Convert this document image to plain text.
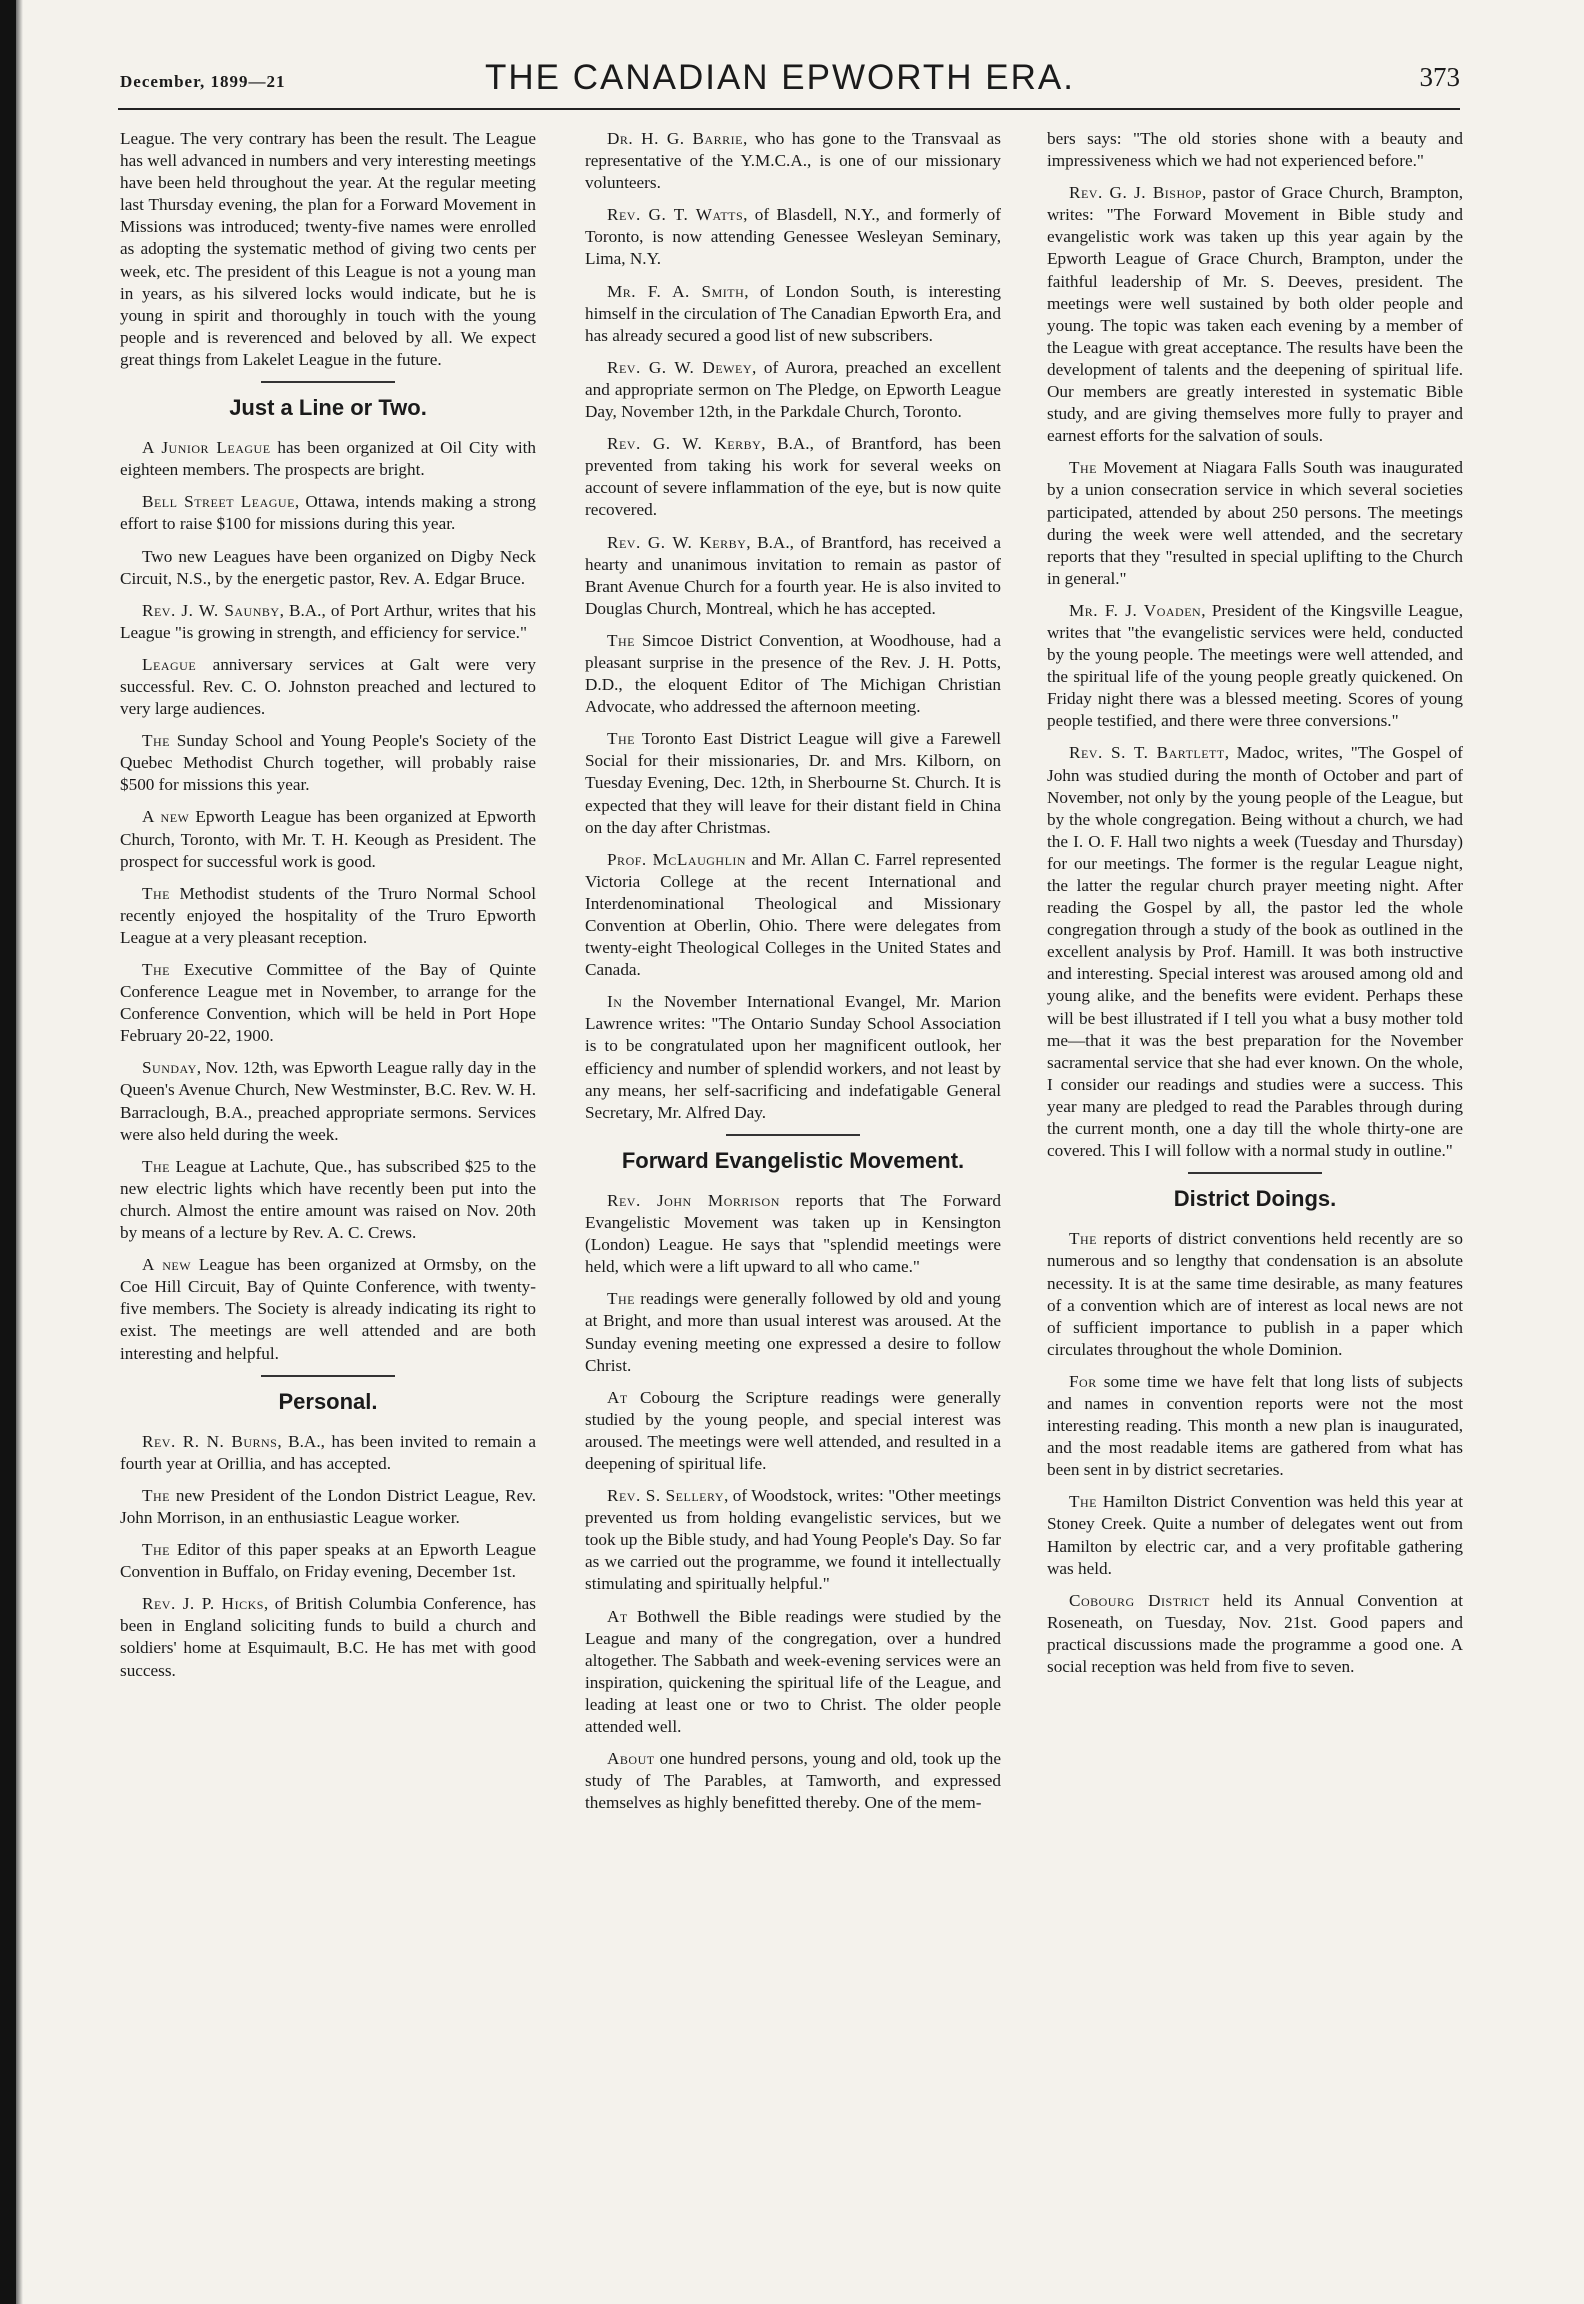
December, 1899—21	THE CANADIAN EPWORTH ERA.	373

League. The very contrary has been the result. The League has well advanced in numbers and very interesting meetings have been held throughout the year. At the regular meeting last Thursday evening, the plan for a Forward Movement in Missions was introduced; twenty-five names were enrolled as adopting the systematic method of giving two cents per week, etc. The president of this League is not a young man in years, as his silvered locks would indicate, but he is young in spirit and thoroughly in touch with the young people and is reverenced and beloved by all. We expect great things from Lakelet League in the future.

Just a Line or Two.

A Junior League has been organized at Oil City with eighteen members. The prospects are bright.

Bell Street League, Ottawa, intends making a strong effort to raise $100 for missions during this year.

Two new Leagues have been organized on Digby Neck Circuit, N.S., by the energetic pastor, Rev. A. Edgar Bruce.

Rev. J. W. Saunby, B.A., of Port Arthur, writes that his League "is growing in strength, and efficiency for service."

League anniversary services at Galt were very successful. Rev. C. O. Johnston preached and lectured to very large audiences.

The Sunday School and Young People's Society of the Quebec Methodist Church together, will probably raise $500 for missions this year.

A new Epworth League has been organized at Epworth Church, Toronto, with Mr. T. H. Keough as President. The prospect for successful work is good.

The Methodist students of the Truro Normal School recently enjoyed the hospitality of the Truro Epworth League at a very pleasant reception.

The Executive Committee of the Bay of Quinte Conference League met in November, to arrange for the Conference Convention, which will be held in Port Hope February 20-22, 1900.

Sunday, Nov. 12th, was Epworth League rally day in the Queen's Avenue Church, New Westminster, B.C. Rev. W. H. Barraclough, B.A., preached appropriate sermons. Services were also held during the week.

The League at Lachute, Que., has subscribed $25 to the new electric lights which have recently been put into the church. Almost the entire amount was raised on Nov. 20th by means of a lecture by Rev. A. C. Crews.

A new League has been organized at Ormsby, on the Coe Hill Circuit, Bay of Quinte Conference, with twenty-five members. The Society is already indicating its right to exist. The meetings are well attended and are both interesting and helpful.

Personal.

Rev. R. N. Burns, B.A., has been invited to remain a fourth year at Orillia, and has accepted.

The new President of the London District League, Rev. John Morrison, in an enthusiastic League worker.

The Editor of this paper speaks at an Epworth League Convention in Buffalo, on Friday evening, December 1st.

Rev. J. P. Hicks, of British Columbia Conference, has been in England soliciting funds to build a church and soldiers' home at Esquimault, B.C. He has met with good success.

Dr. H. G. Barrie, who has gone to the Transvaal as representative of the Y.M.C.A., is one of our missionary volunteers.

Rev. G. T. Watts, of Blasdell, N.Y., and formerly of Toronto, is now attending Genessee Wesleyan Seminary, Lima, N.Y.

Mr. F. A. Smith, of London South, is interesting himself in the circulation of The Canadian Epworth Era, and has already secured a good list of new subscribers.

Rev. G. W. Dewey, of Aurora, preached an excellent and appropriate sermon on The Pledge, on Epworth League Day, November 12th, in the Parkdale Church, Toronto.

Rev. G. W. Kerby, B.A., of Brantford, has been prevented from taking his work for several weeks on account of severe inflammation of the eye, but is now quite recovered.

Rev. G. W. Kerby, B.A., of Brantford, has received a hearty and unanimous invitation to remain as pastor of Brant Avenue Church for a fourth year. He is also invited to Douglas Church, Montreal, which he has accepted.

The Simcoe District Convention, at Woodhouse, had a pleasant surprise in the presence of the Rev. J. H. Potts, D.D., the eloquent Editor of The Michigan Christian Advocate, who addressed the afternoon meeting.

The Toronto East District League will give a Farewell Social for their missionaries, Dr. and Mrs. Kilborn, on Tuesday Evening, Dec. 12th, in Sherbourne St. Church. It is expected that they will leave for their distant field in China on the day after Christmas.

Prof. McLaughlin and Mr. Allan C. Farrel represented Victoria College at the recent International and Interdenominational Theological and Missionary Convention at Oberlin, Ohio. There were delegates from twenty-eight Theological Colleges in the United States and Canada.

In the November International Evangel, Mr. Marion Lawrence writes: "The Ontario Sunday School Association is to be congratulated upon her magnificent outlook, her efficiency and number of splendid workers, and not least by any means, her self-sacrificing and indefatigable General Secretary, Mr. Alfred Day.

Forward Evangelistic Movement.

Rev. John Morrison reports that The Forward Evangelistic Movement was taken up in Kensington (London) League. He says that "splendid meetings were held, which were a lift upward to all who came."

The readings were generally followed by old and young at Bright, and more than usual interest was aroused. At the Sunday evening meeting one expressed a desire to follow Christ.

At Cobourg the Scripture readings were generally studied by the young people, and special interest was aroused. The meetings were well attended, and resulted in a deepening of spiritual life.

Rev. S. Sellery, of Woodstock, writes: "Other meetings prevented us from holding evangelistic services, but we took up the Bible study, and had Young People's Day. So far as we carried out the programme, we found it intellectually stimulating and spiritually helpful."

At Bothwell the Bible readings were studied by the League and many of the congregation, over a hundred altogether. The Sabbath and week-evening services were an inspiration, quickening the spiritual life of the League, and leading at least one or two to Christ. The older people attended well.

About one hundred persons, young and old, took up the study of The Parables, at Tamworth, and expressed themselves as highly benefitted thereby. One of the mem-

bers says: "The old stories shone with a beauty and impressiveness which we had not experienced before."

Rev. G. J. Bishop, pastor of Grace Church, Brampton, writes: "The Forward Movement in Bible study and evangelistic work was taken up this year again by the Epworth League of Grace Church, Brampton, under the faithful leadership of Mr. S. Deeves, president. The meetings were well sustained by both older people and young. The topic was taken each evening by a member of the League with great acceptance. The results have been the development of talents and the deepening of spiritual life. Our members are greatly interested in systematic Bible study, and are giving themselves more fully to prayer and earnest efforts for the salvation of souls.

The Movement at Niagara Falls South was inaugurated by a union consecration service in which several societies participated, attended by about 250 persons. The meetings during the week were well attended, and the secretary reports that they "resulted in special uplifting to the Church in general."

Mr. F. J. Voaden, President of the Kingsville League, writes that "the evangelistic services were held, conducted by the young people. The meetings were well attended, and the spiritual life of the young people greatly quickened. On Friday night there was a blessed meeting. Scores of young people testified, and there were three conversions."

Rev. S. T. Bartlett, Madoc, writes, "The Gospel of John was studied during the month of October and part of November, not only by the young people of the League, but by the whole congregation. Being without a church, we had the I. O. F. Hall two nights a week (Tuesday and Thursday) for our meetings. The former is the regular League night, the latter the regular church prayer meeting night. After reading the Gospel by all, the pastor led the whole congregation through a study of the book as outlined in the excellent analysis by Prof. Hamill. It was both instructive and interesting. Special interest was aroused among old and young alike, and the benefits were evident. Perhaps these will be best illustrated if I tell you what a busy mother told me—that it was the best preparation for the November sacramental service that she had ever known. On the whole, I consider our readings and studies were a success. This year many are pledged to read the Parables through during the current month, one a day till the whole thirty-one are covered. This I will follow with a normal study in outline."

District Doings.

The reports of district conventions held recently are so numerous and so lengthy that condensation is an absolute necessity. It is at the same time desirable, as many features of a convention which are of interest as local news are not of sufficient importance to publish in a paper which circulates throughout the whole Dominion.

For some time we have felt that long lists of subjects and names in convention reports were not the most interesting reading. This month a new plan is inaugurated, and the most readable items are gathered from what has been sent in by district secretaries.

The Hamilton District Convention was held this year at Stoney Creek. Quite a number of delegates went out from Hamilton by electric car, and a very profitable gathering was held.

Cobourg District held its Annual Convention at Roseneath, on Tuesday, Nov. 21st. Good papers and practical discussions made the programme a good one. A social reception was held from five to seven.
